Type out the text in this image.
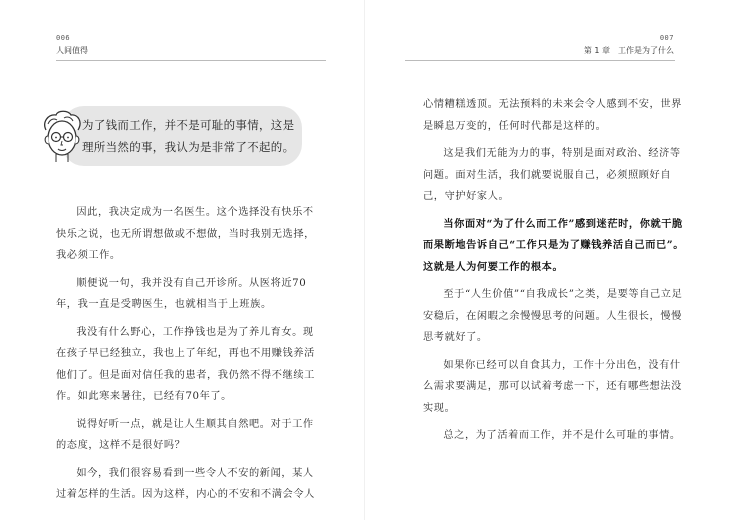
006
人间值得
为了钱而工作，并不是可耻的事情，这是理所当然的事，我认为是非常了不起的。

因此，我决定成为一名医生。这个选择没有快乐不快乐之说，也无所谓想做或不想做，当时我别无选择，我必须工作。

顺便说一句，我并没有自己开诊所。从医将近70年，我一直是受聘医生，也就相当于上班族。

我没有什么野心，工作挣钱也是为了养儿育女。现在孩子早已经独立，我也上了年纪，再也不用赚钱养活他们了。但是面对信任我的患者，我仍然不得不继续工作。如此寒来暑往，已经有70年了。

说得好听一点，就是让人生顺其自然吧。对于工作的态度，这样不是很好吗？

如今，我们很容易看到一些令人不安的新闻，某人过着怎样的生活。因为这样，内心的不安和不满会令人

007
第 1 章　工作是为了什么

心情糟糕透顶。无法预料的未来会令人感到不安，世界是瞬息万变的，任何时代都是这样的。

这是我们无能为力的事，特别是面对政治、经济等问题。面对生活，我们就要说服自己，必须照顾好自己，守护好家人。

当你面对“为了什么而工作”感到迷茫时，你就干脆而果断地告诉自己“工作只是为了赚钱养活自己而已”。这就是人为何要工作的根本。

至于“人生价值”“自我成长”之类，是要等自己立足安稳后，在闲暇之余慢慢思考的问题。人生很长，慢慢思考就好了。

如果你已经可以自食其力，工作十分出色，没有什么需求要满足，那可以试着考虑一下，还有哪些想法没实现。

总之，为了活着而工作，并不是什么可耻的事情。
